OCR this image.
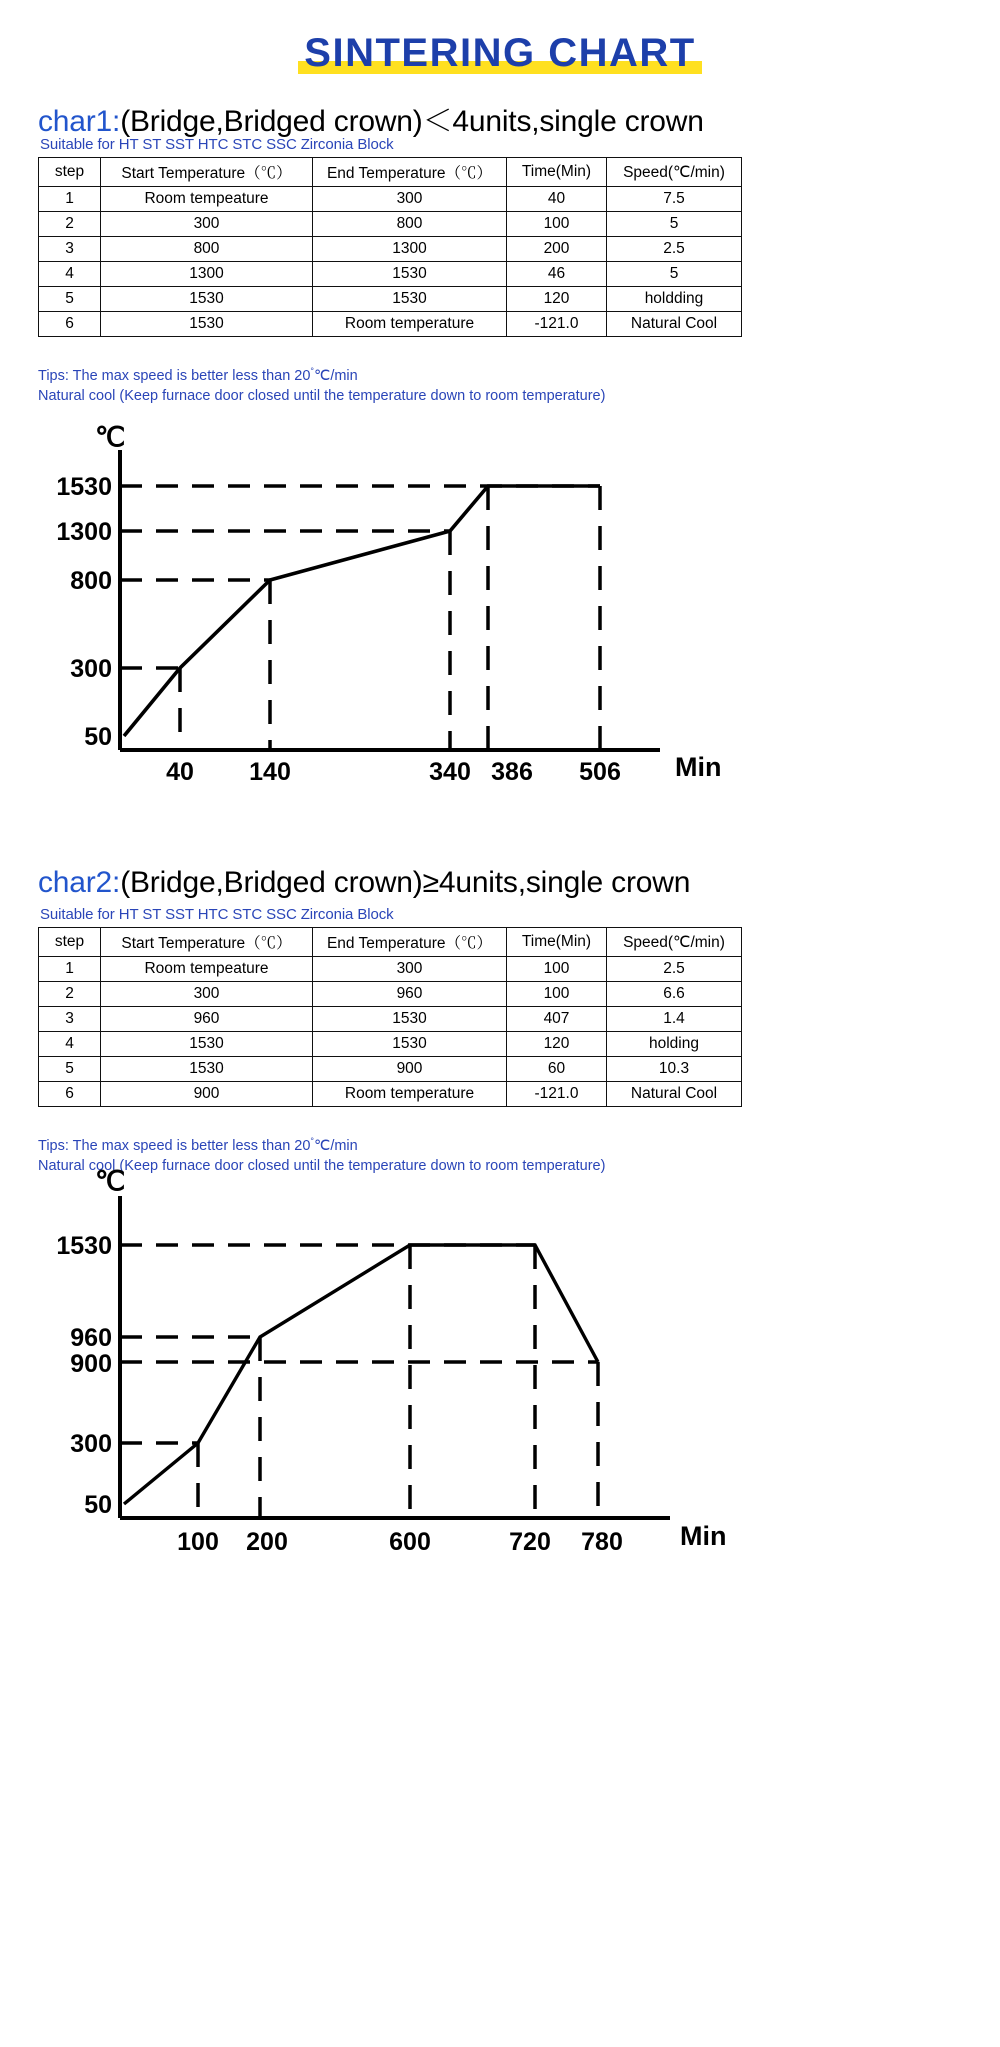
SINTERING CHART
char1:(Bridge,Bridged crown)＜4units,single crown
Suitable for HT ST SST HTC STC SSC Zirconia Block
step	Start Temperature（℃）	End Temperature（℃）	Time(Min)	Speed(℃/min)
1	Room tempeature	300	40	7.5
2	300	800	100	5
3	800	1300	200	2.5
4	1300	1530	46	5
5	1530	1530	120	holdding
6	1530	Room temperature	-121.0	Natural Cool
Tips: The max speed is better less than 20°℃/min
Natural cool (Keep furnace door closed until the temperature down to room temperature)
℃
1530
1300
800
300
50
40 140	340 386 506 Min
char2:(Bridge,Bridged crown)≥4units,single crown
Suitable for HT ST SST HTC STC SSC Zirconia Block
step	Start Temperature（℃）	End Temperature（℃）	Time(Min)	Speed(℃/min)
1	Room tempeature	300	100	2.5
2	300	960	100	6.6
3	960	1530	407	1.4
4	1530	1530	120	holding
5	1530	900	60	10.3
6	900	Room temperature	-121.0	Natural Cool
Tips: The max speed is better less than 20°℃/min
Natural cool (Keep furnace door closed until the temperature down to room temperature)
℃
1530
960
900
300
50
100 200	600	720 780 Min
